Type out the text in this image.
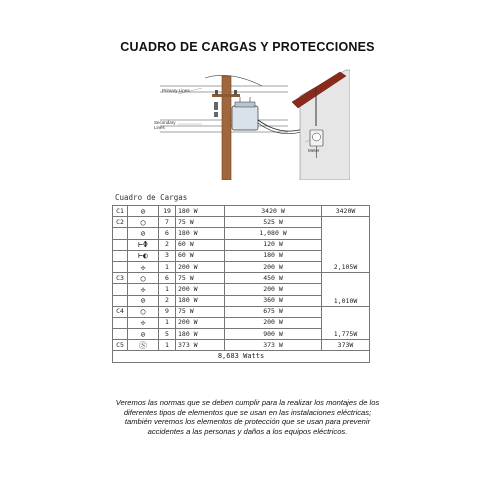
CUADRO DE CARGAS Y PROTECCIONES
Primary Lines
Secondary
Lines
Meter
Cuadro de Cargas
C1	⊘	19	180 W	3420 W	3420W
C2	◯	7	75 W	525 W	2,105W
	⊘	6	180 W	1,080 W	
	⊢Φ	2	60 W	120 W	
	⊢◐	3	60 W	180 W	
	✢	1	200 W	200 W	
C3	◯	6	75 W	450 W	1,010W
	✢	1	200 W	200 W	
	⊘	2	180 W	360 W	
C4	◯	9	75 W	675 W	1,775W
	✢	1	200 W	200 W	
	⊘	5	180 W	900 W	
C5	Ⓢ	1	373 W	373 W	373W
8,683 Watts					
Veremos las normas que se deben cumplir para la realizar los montajes de los
diferentes tipos de elementos que se usan en las instalaciones eléctricas;
también veremos los elementos de protección que se usan para prevenir
accidentes a las personas y daños a los equipos eléctricos.
